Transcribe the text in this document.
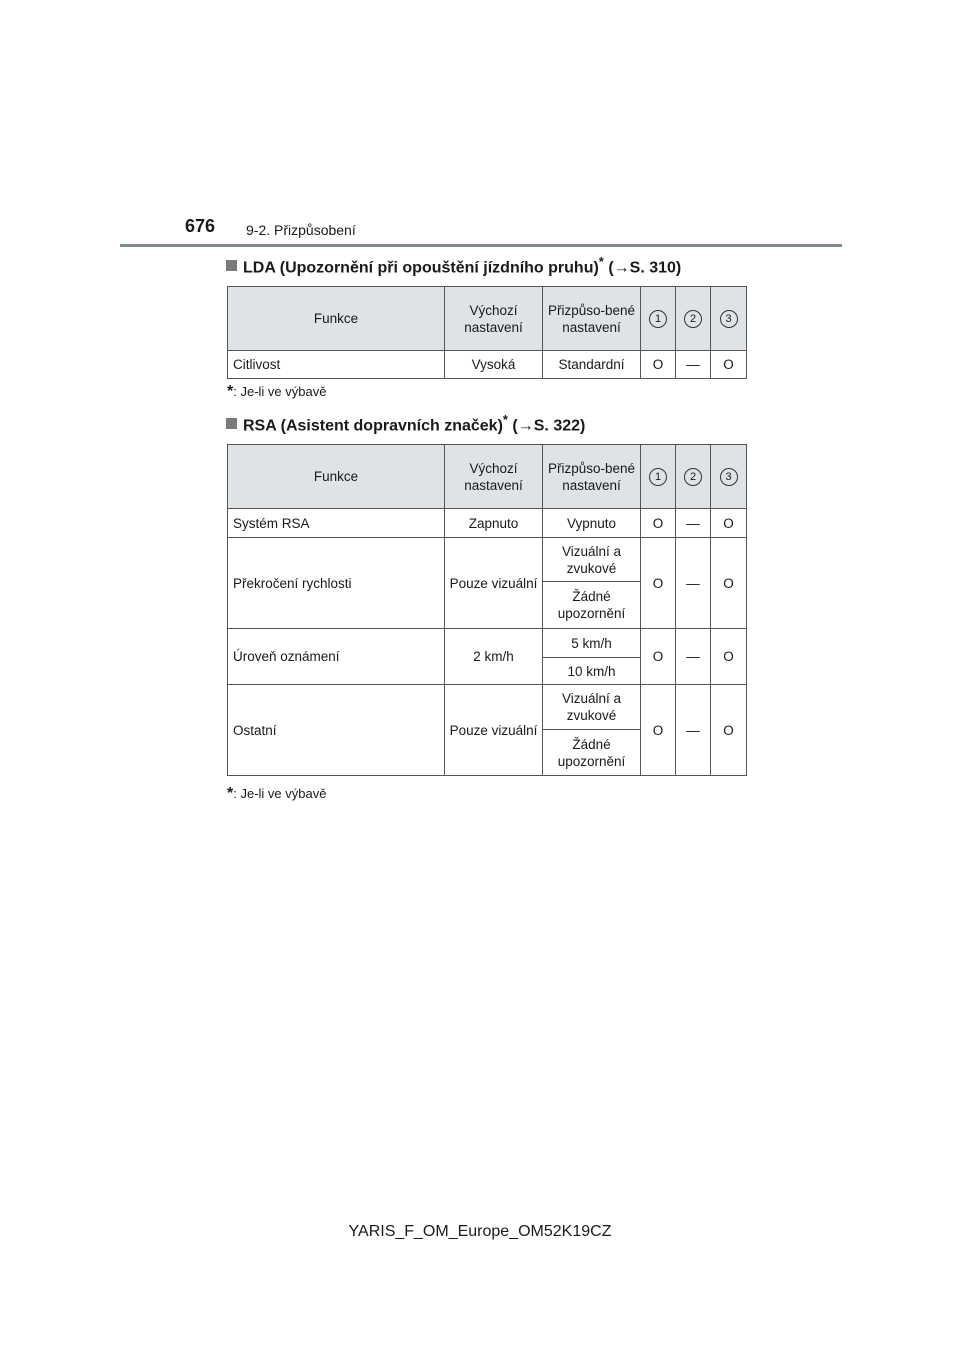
676 9-2. Přizpůsobení
LDA (Upozornění při opouštění jízdního pruhu)* (→S. 310)
Funkce	Výchozí nastavení	Přizpůso-bené nastavení	1	2	3
Citlivost	Vysoká	Standardní	O	—	O
*: Je-li ve výbavě
RSA (Asistent dopravních značek)* (→S. 322)
Funkce	Výchozí nastavení	Přizpůso-bené nastavení	1	2	3
Systém RSA	Zapnuto	Vypnuto	O	—	O
Překročení rychlosti	Pouze vizuální	Vizuální a zvukové	O	—	O
		Žádné upozornění			
Úroveň oznámení	2 km/h	5 km/h	O	—	O
		10 km/h			
Ostatní	Pouze vizuální	Vizuální a zvukové	O	—	O
		Žádné upozornění			
*: Je-li ve výbavě
YARIS_F_OM_Europe_OM52K19CZ
